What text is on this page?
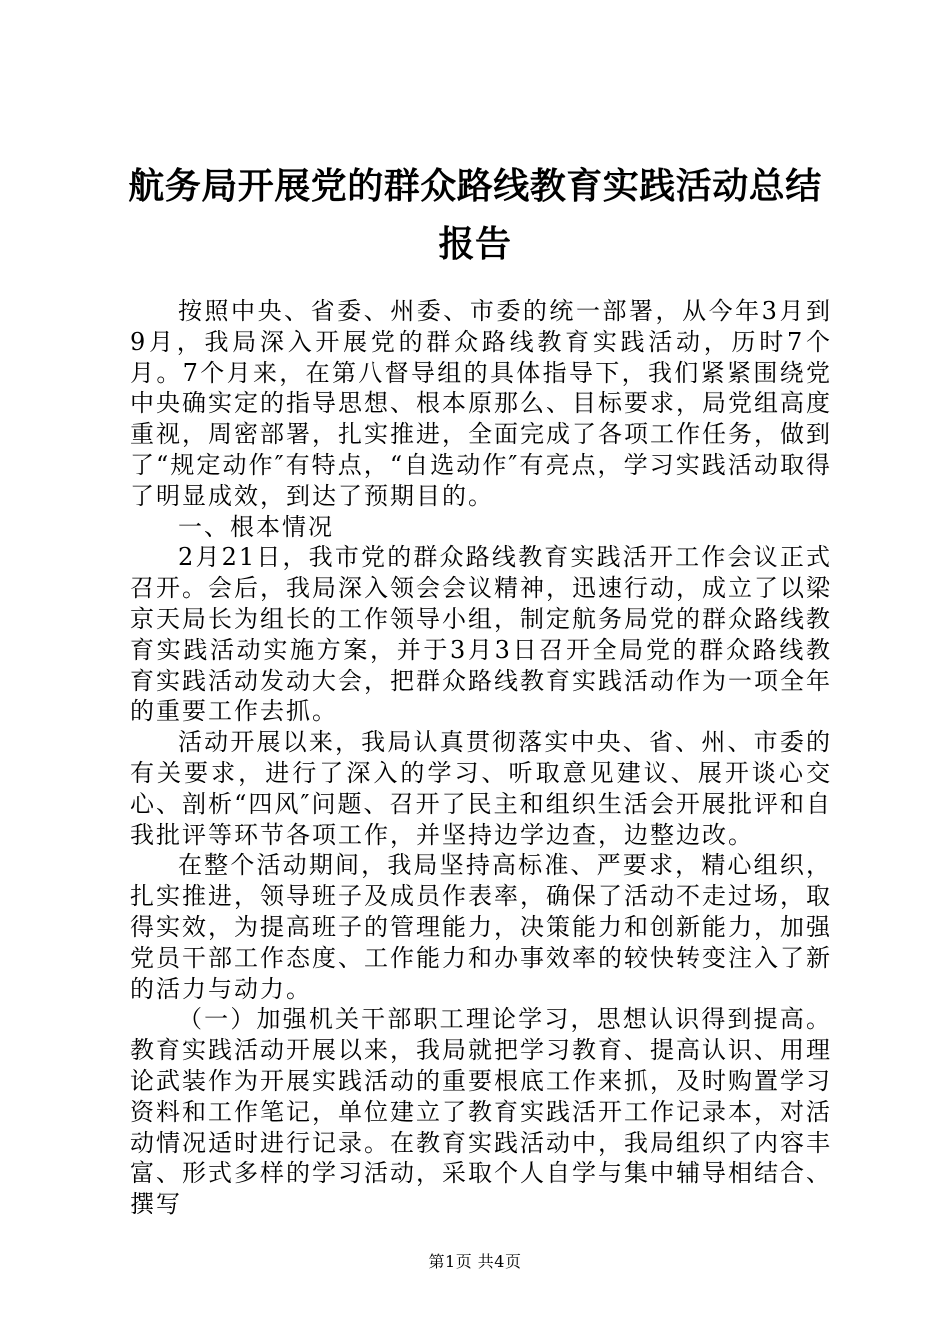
航务局开展党的群众路线教育实践活动总结报告

按照中央、省委、州委、市委的统一部署，从今年3月到9月，我局深入开展党的群众路线教育实践活动，历时7个月。7个月来，在第八督导组的具体指导下，我们紧紧围绕党中央确实定的指导思想、根本原那么、目标要求，局党组高度重视，周密部署，扎实推进，全面完成了各项工作任务，做到了“规定动作″有特点，“自选动作″有亮点，学习实践活动取得了明显成效，到达了预期目的。

一、根本情况

2月21日，我市党的群众路线教育实践活开工作会议正式召开。会后，我局深入领会会议精神，迅速行动，成立了以梁京天局长为组长的工作领导小组，制定航务局党的群众路线教育实践活动实施方案，并于3月3日召开全局党的群众路线教育实践活动发动大会，把群众路线教育实践活动作为一项全年的重要工作去抓。

活动开展以来，我局认真贯彻落实中央、省、州、市委的有关要求，进行了深入的学习、听取意见建议、展开谈心交心、剖析“四风″问题、召开了民主和组织生活会开展批评和自我批评等环节各项工作，并坚持边学边查，边整边改。

在整个活动期间，我局坚持高标准、严要求，精心组织，扎实推进，领导班子及成员作表率，确保了活动不走过场，取得实效，为提高班子的管理能力，决策能力和创新能力，加强党员干部工作态度、工作能力和办事效率的较快转变注入了新的活力与动力。

（一）加强机关干部职工理论学习，思想认识得到提高。教育实践活动开展以来，我局就把学习教育、提高认识、用理论武装作为开展实践活动的重要根底工作来抓，及时购置学习资料和工作笔记，单位建立了教育实践活开工作记录本，对活动情况适时进行记录。在教育实践活动中，我局组织了内容丰富、形式多样的学习活动，采取个人自学与集中辅导相结合、撰写

第1页 共4页
